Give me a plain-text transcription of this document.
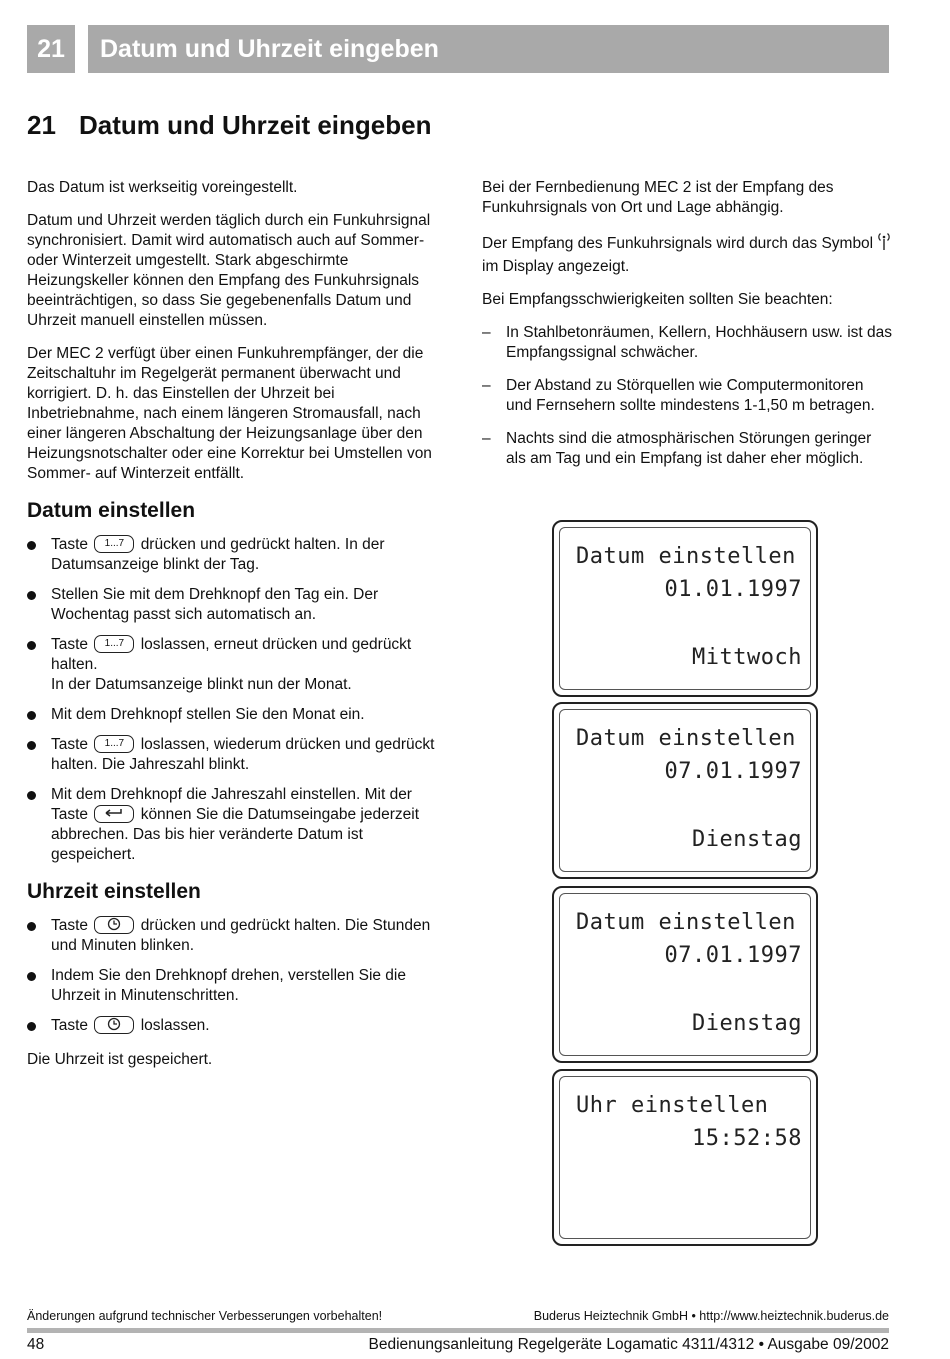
21	Datum und Uhrzeit eingeben
21 Datum und Uhrzeit eingeben

Das Datum ist werkseitig voreingestellt.

Datum und Uhrzeit werden täglich durch ein Funkuhrsignal synchronisiert. Damit wird automatisch auch auf Sommer- oder Winterzeit umgestellt. Stark abgeschirmte Heizungskeller können den Empfang des Funkuhrsignals beeinträchtigen, so dass Sie gegebenenfalls Datum und Uhrzeit manuell einstellen müssen.

Der MEC 2 verfügt über einen Funkuhrempfänger, der die Zeitschaltuhr im Regelgerät permanent überwacht und korrigiert. D. h. das Einstellen der Uhrzeit bei Inbetriebnahme, nach einem längeren Stromausfall, nach einer längeren Abschaltung der Heizungsanlage über den Heizungsnotschalter oder eine Korrektur bei Umstellen von Sommer- auf Winterzeit entfällt.

Datum einstellen
Taste 1...7 drücken und gedrückt halten. In der Datumsanzeige blinkt der Tag.
Stellen Sie mit dem Drehknopf den Tag ein. Der Wochentag passt sich automatisch an.
Taste 1...7 loslassen, erneut drücken und gedrückt halten.
In der Datumsanzeige blinkt nun der Monat.
Mit dem Drehknopf stellen Sie den Monat ein.
Taste 1...7 loslassen, wiederum drücken und gedrückt halten. Die Jahreszahl blinkt.
Mit dem Drehknopf die Jahreszahl einstellen. Mit der Taste	können Sie die Datumseingabe jederzeit abbrechen. Das bis hier veränderte Datum ist gespeichert.
Uhrzeit einstellen
Taste	drücken und gedrückt halten. Die Stunden und Minuten blinken.
Indem Sie den Drehknopf drehen, verstellen Sie die Uhrzeit in Minutenschritten.
Taste	loslassen.

Die Uhrzeit ist gespeichert.

Bei der Fernbedienung MEC 2 ist der Empfang des Funkuhrsignals von Ort und Lage abhängig.

Der Empfang des Funkuhrsignals wird durch das Symbol  im Display angezeigt.

Bei Empfangsschwierigkeiten sollten Sie beachten:

– In Stahlbetonräumen, Kellern, Hochhäusern usw. ist das Empfangssignal schwächer.
– Der Abstand zu Störquellen wie Computermonitoren und Fernsehern sollte mindestens 1-1,50 m betragen.
– Nachts sind die atmosphärischen Störungen geringer als am Tag und ein Empfang ist daher eher möglich.
Datum einstellen
01.01.1997
Mittwoch
Datum einstellen
07.01.1997
Dienstag
Datum einstellen
07.01.1997
Dienstag
Uhr einstellen
15:52:58
Änderungen aufgrund technischer Verbesserungen vorbehalten!	Buderus Heiztechnik GmbH • http://www.heiztechnik.buderus.de
48	Bedienungsanleitung Regelgeräte Logamatic 4311/4312 • Ausgabe 09/2002
